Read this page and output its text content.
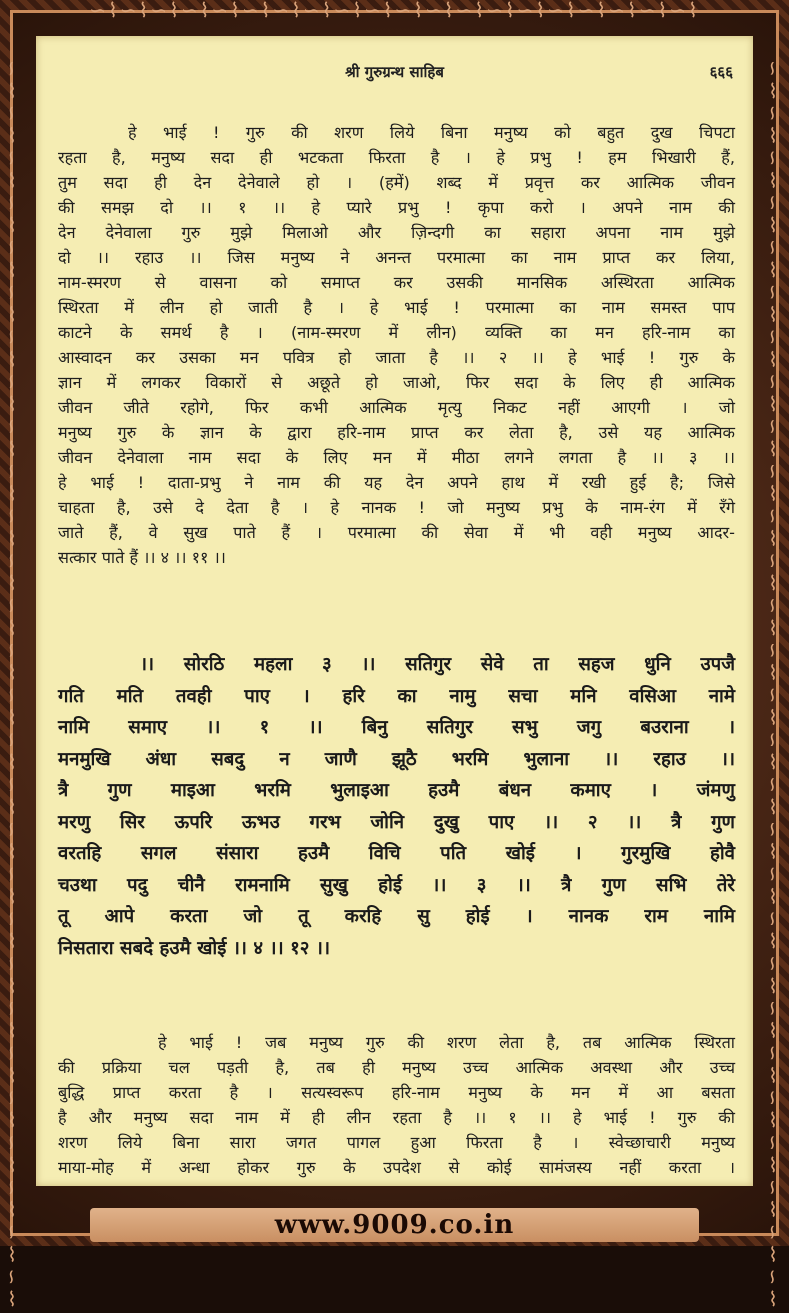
∽⌇∽⌇∽⌇∽⌇∽⌇∽⌇∽⌇∽⌇∽⌇∽⌇∽⌇∽⌇∽⌇∽⌇∽⌇∽⌇∽⌇∽⌇∽⌇∽⌇
∽⌇∽⌇∽⌇∽⌇∽⌇∽⌇∽⌇∽⌇∽⌇∽⌇∽⌇∽⌇∽⌇∽⌇∽⌇∽⌇∽⌇∽⌇∽⌇∽⌇∽⌇∽⌇∽⌇∽⌇∽⌇∽⌇∽⌇∽⌇	∽⌇∽⌇∽⌇∽⌇∽⌇∽⌇∽⌇∽⌇∽⌇∽⌇∽⌇∽⌇∽⌇∽⌇∽⌇∽⌇∽⌇∽⌇∽⌇∽⌇∽⌇∽⌇∽⌇∽⌇∽⌇∽⌇∽⌇∽⌇
श्री गुरुग्रन्थ साहिब	६६६
हे भाई ! गुरु की शरण लिये बिना मनुष्य को बहुत दुख चिपटा
रहता है, मनुष्य सदा ही भटकता फिरता है । हे प्रभु ! हम भिखारी हैं,
तुम सदा ही देन देनेवाले हो । (हमें) शब्द में प्रवृत्त कर आत्मिक जीवन
की समझ दो ।। १ ।। हे प्यारे प्रभु ! कृपा करो । अपने नाम की
देन देनेवाला गुरु मुझे मिलाओ और ज़िन्दगी का सहारा अपना नाम मुझे
दो ।। रहाउ ।। जिस मनुष्य ने अनन्त परमात्मा का नाम प्राप्त कर लिया,
नाम-स्मरण से वासना को समाप्त कर उसकी मानसिक अस्थिरता आत्मिक
स्थिरता में लीन हो जाती है । हे भाई ! परमात्मा का नाम समस्त पाप
काटने के समर्थ है । (नाम-स्मरण में लीन) व्यक्ति का मन हरि-नाम का
आस्वादन कर उसका मन पवित्र हो जाता है ।। २ ।। हे भाई ! गुरु के
ज्ञान में लगकर विकारों से अछूते हो जाओ, फिर सदा के लिए ही आत्मिक
जीवन जीते रहोगे, फिर कभी आत्मिक मृत्यु निकट नहीं आएगी । जो
मनुष्य गुरु के ज्ञान के द्वारा हरि-नाम प्राप्त कर लेता है, उसे यह आत्मिक
जीवन देनेवाला नाम सदा के लिए मन में मीठा लगने लगता है ।। ३ ।।
हे भाई ! दाता-प्रभु ने नाम की यह देन अपने हाथ में रखी हुई है; जिसे
चाहता है, उसे दे देता है । हे नानक ! जो मनुष्य प्रभु के नाम-रंग में रँगे
जाते हैं, वे सुख पाते हैं । परमात्मा की सेवा में भी वही मनुष्य आदर-
सत्कार पाते हैं ।। ४ ।। ११ ।।
।। सोरठि महला ३ ।। सतिगुर सेवे ता सहज धुनि उपजै
गति मति तवही पाए । हरि का नामु सचा मनि वसिआ नामे
नामि समाए ।। १ ।। बिनु सतिगुर सभु जगु बउराना ।
मनमुखि अंधा सबदु न जाणै झूठै भरमि भुलाना ।। रहाउ ।।
त्रै गुण माइआ भरमि भुलाइआ हउमै बंधन कमाए । जंमणु
मरणु सिर ऊपरि ऊभउ गरभ जोनि दुखु पाए ।। २ ।। त्रै गुण
वरतहि सगल संसारा हउमै विचि पति खोई । गुरमुखि होवै
चउथा पदु चीनै रामनामि सुखु होई ।। ३ ।। त्रै गुण सभि तेरे
तू आपे करता जो तू करहि सु होई । नानक राम नामि
निसतारा सबदे हउमै खोई ।। ४ ।। १२ ।।
हे भाई ! जब मनुष्य गुरु की शरण लेता है, तब आत्मिक स्थिरता
की प्रक्रिया चल पड़ती है, तब ही मनुष्य उच्च आत्मिक अवस्था और उच्च
बुद्धि प्राप्त करता है । सत्यस्वरूप हरि-नाम मनुष्य के मन में आ बसता
है और मनुष्य सदा नाम में ही लीन रहता है ।। १ ।। हे भाई ! गुरु की
शरण लिये बिना सारा जगत पागल हुआ फिरता है । स्वेच्छाचारी मनुष्य
माया-मोह में अन्धा होकर गुरु के उपदेश से कोई सामंजस्य नहीं करता ।
www.9009.co.in
